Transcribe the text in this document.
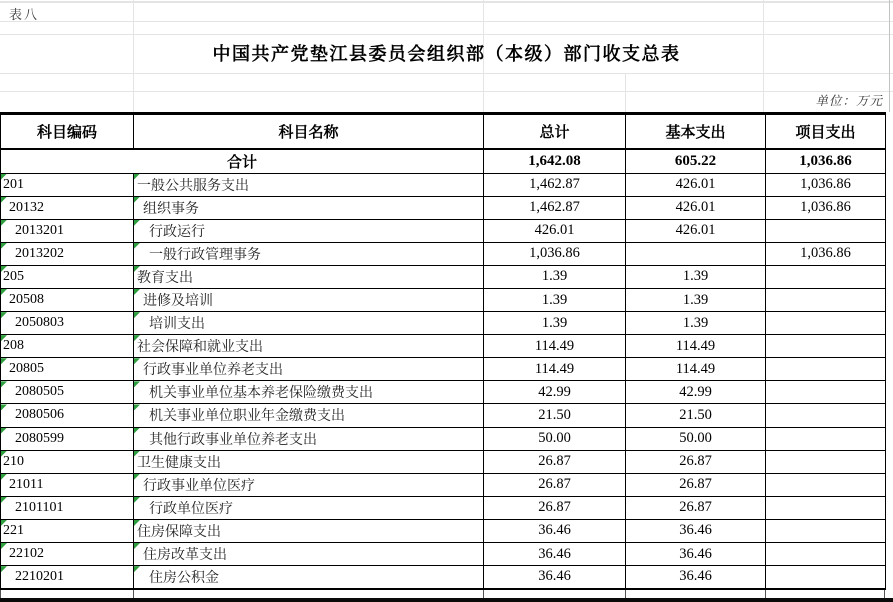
表八
中国共产党垫江县委员会组织部（本级）部门收支总表
单位：万元
科目编码	科目名称	总计	基本支出	项目支出
合计		1,642.08	605.22	1,036.86
201	一般公共服务支出	1,462.87	426.01	1,036.86
20132	组织事务	1,462.87	426.01	1,036.86
2013201	行政运行	426.01	426.01	
2013202	一般行政管理事务	1,036.86		1,036.86
205	教育支出	1.39	1.39	
20508	进修及培训	1.39	1.39	
2050803	培训支出	1.39	1.39	
208	社会保障和就业支出	114.49	114.49	
20805	行政事业单位养老支出	114.49	114.49	
2080505	机关事业单位基本养老保险缴费支出	42.99	42.99	
2080506	机关事业单位职业年金缴费支出	21.50	21.50	
2080599	其他行政事业单位养老支出	50.00	50.00	
210	卫生健康支出	26.87	26.87	
21011	行政事业单位医疗	26.87	26.87	
2101101	行政单位医疗	26.87	26.87	
221	住房保障支出	36.46	36.46	
22102	住房改革支出	36.46	36.46	
2210201	住房公积金	36.46	36.46	
